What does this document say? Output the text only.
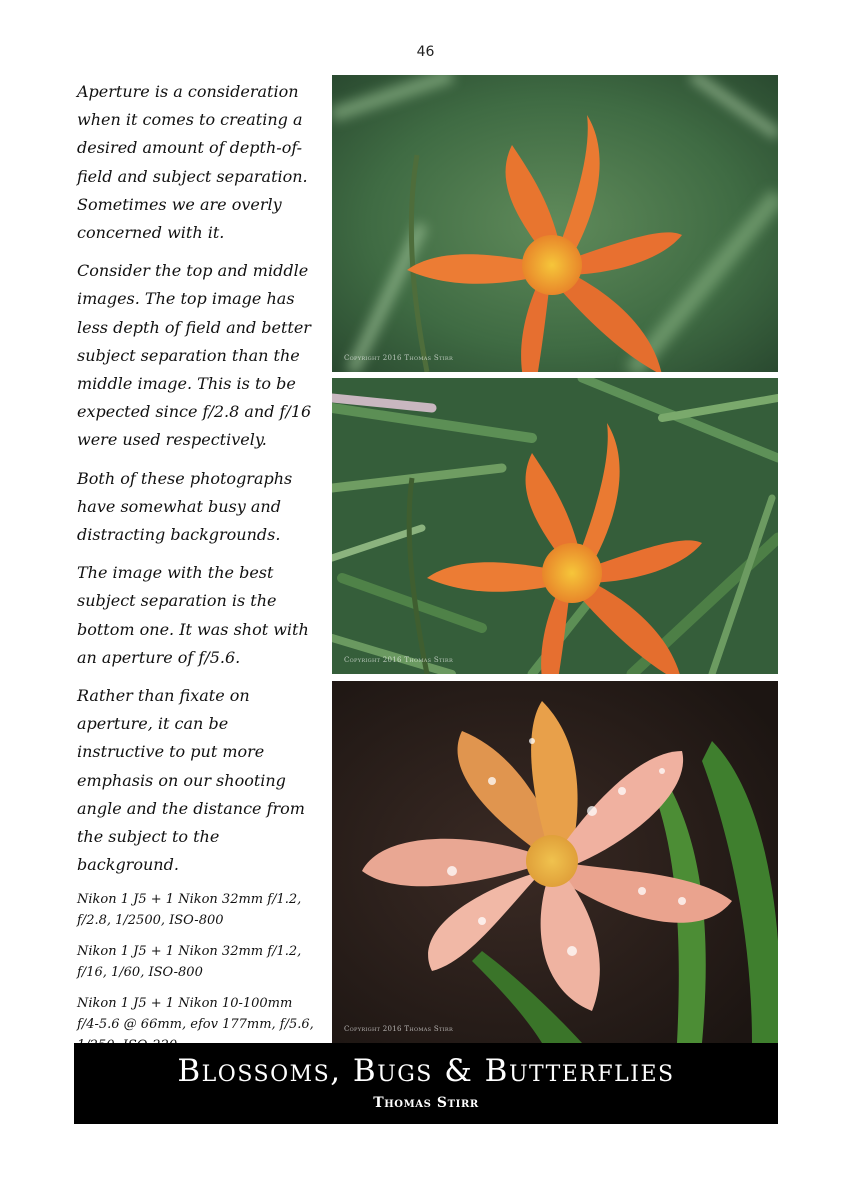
46

Aperture is a consideration when it comes to creating a desired amount of depth-of-field and subject separation. Sometimes we are overly concerned with it.

Consider the top and middle images. The top image has less depth of field and better subject separation than the middle image. This is to be expected since f/2.8 and f/16 were used respectively.

Both of these photographs have somewhat busy and distracting backgrounds.

The image with the best subject separation is the bottom one. It was shot with an aperture of f/5.6.

Rather than fixate on aperture, it can be instructive to put more emphasis on our shooting angle and the distance from the subject to the background.

Nikon 1 J5 + 1 Nikon 32mm f/1.2, f/2.8, 1/2500, ISO-800

Nikon 1 J5 + 1 Nikon 32mm f/1.2, f/16, 1/60, ISO-800

Nikon 1 J5 + 1 Nikon 10-100mm f/4-5.6 @ 66mm, efov 177mm, f/5.6,

Copyright 2016 Thomas Stirr
Copyright 2016 Thomas Stirr
Copyright 2016 Thomas Stirr
Blossoms, Bugs & Butterflies
Thomas Stirr
